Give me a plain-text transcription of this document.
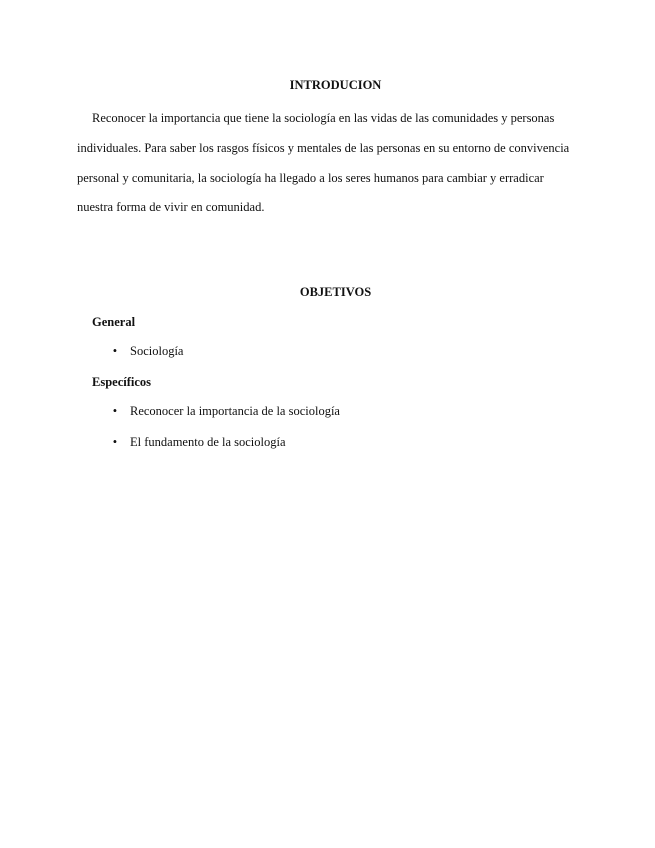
INTRODUCION

Reconocer la importancia que tiene la sociología en las vidas de las comunidades y personas individuales. Para saber los rasgos físicos y mentales de las personas en su entorno de convivencia personal y comunitaria, la sociología ha llegado a los seres humanos para cambiar y erradicar nuestra forma de vivir en comunidad.

OBJETIVOS
General
• Sociología
Específicos
• Reconocer la importancia de la sociología
• El fundamento de la sociología
